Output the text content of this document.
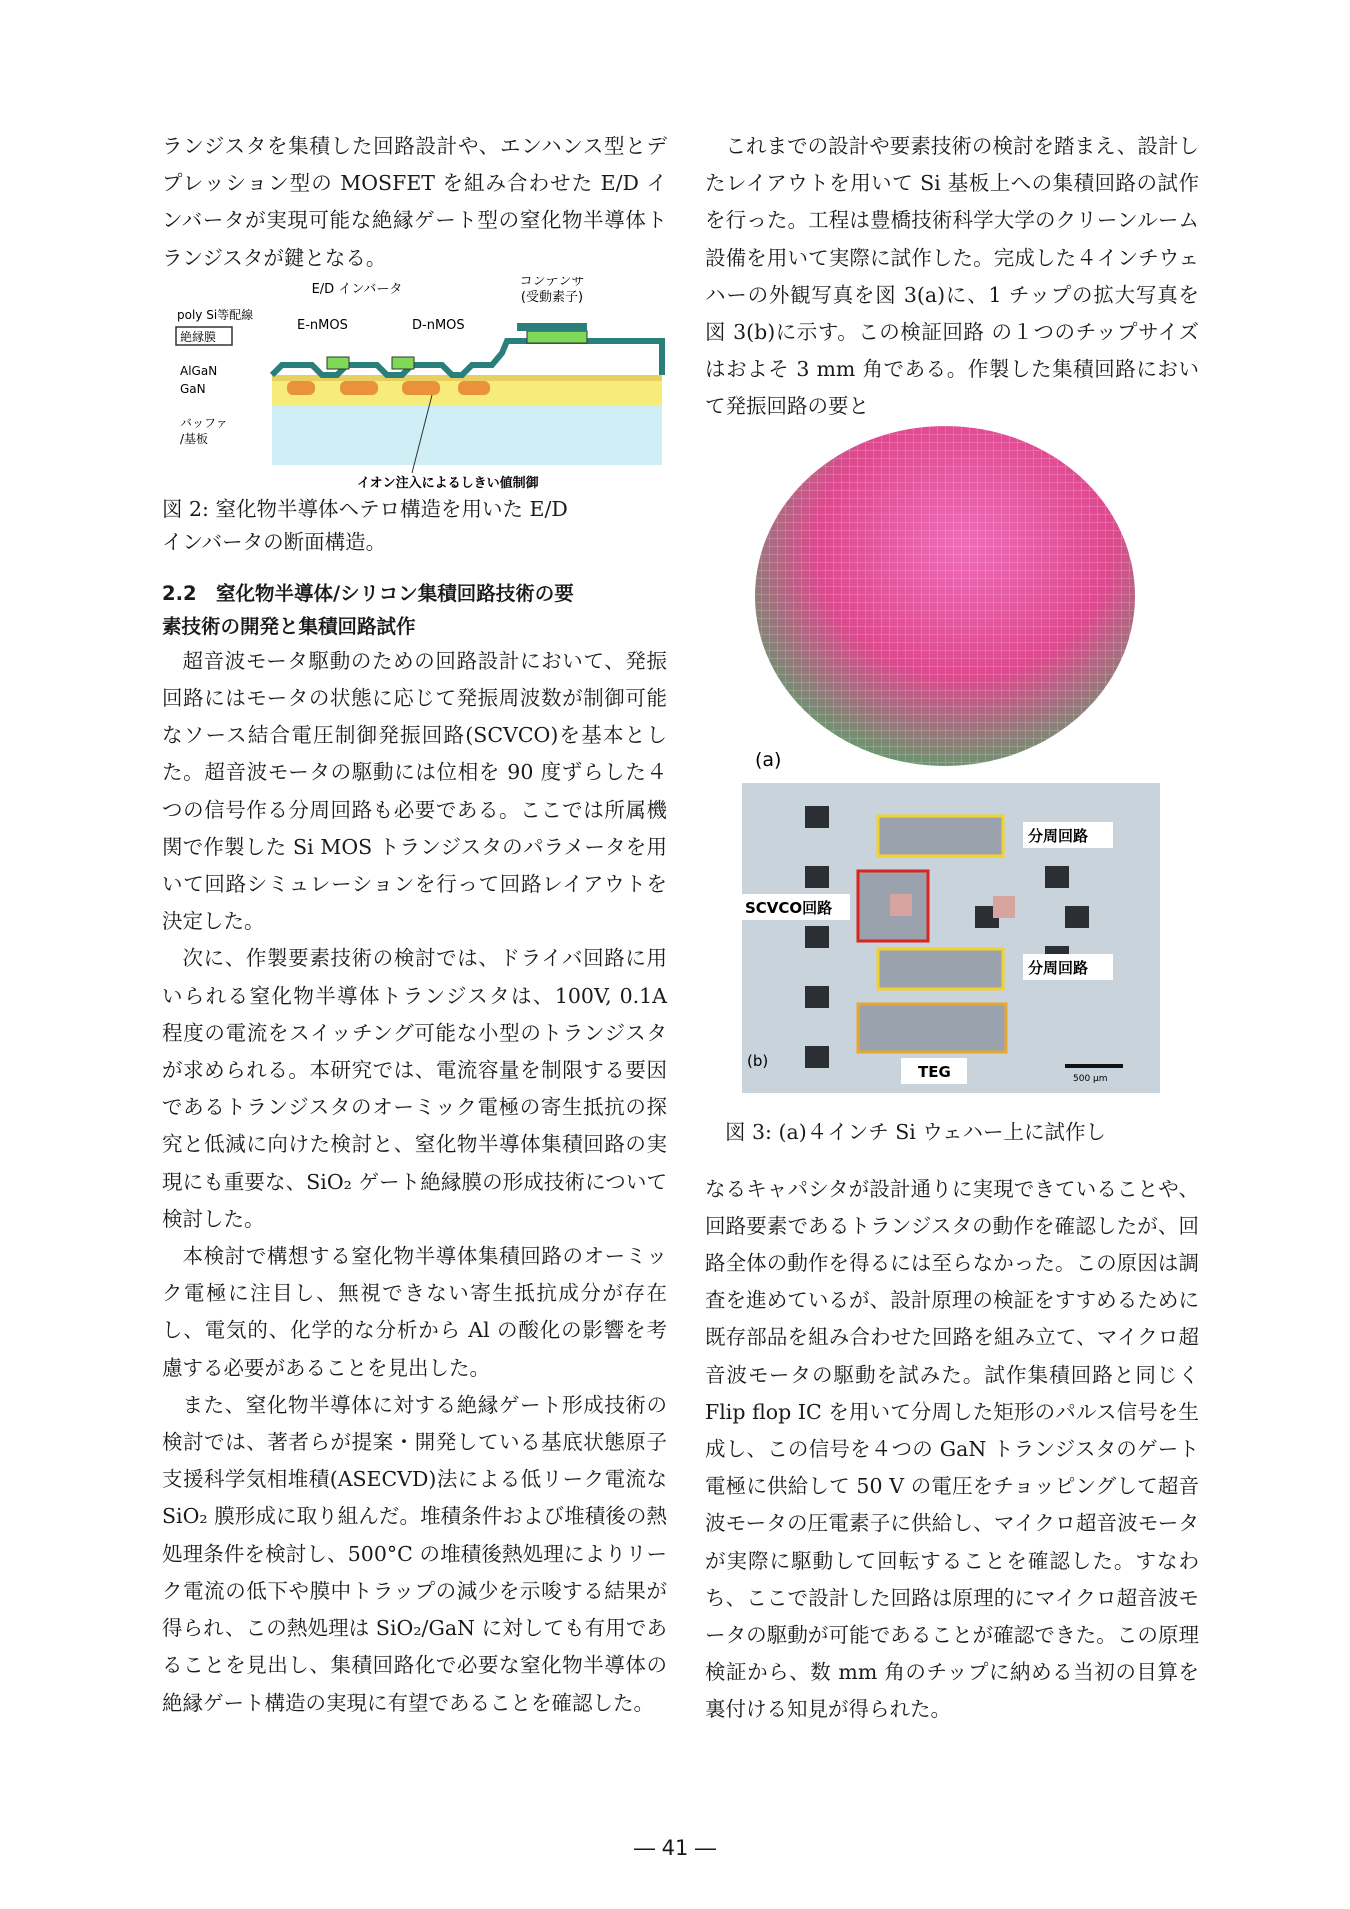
ランジスタを集積した回路設計や、エンハンス型とデプレッション型の MOSFET を組み合わせた E/D インバータが実現可能な絶縁ゲート型の窒化物半導体トランジスタが鍵となる。

E/D インバータ
コンデンサ
(受動素子)
poly Si等配線
絶縁膜
E-nMOS	D-nMOS
AlGaN
GaN
バッファ
/基板
イオン注入によるしきい値制御

図 2: 窒化物半導体ヘテロ構造を用いた E/D

インバータの断面構造。

2.2　窒化物半導体/シリコン集積回路技術の要

素技術の開発と集積回路試作

超音波モータ駆動のための回路設計において、発振回路にはモータの状態に応じて発振周波数が制御可能なソース結合電圧制御発振回路(SCVCO)を基本とした。超音波モータの駆動には位相を 90 度ずらした４つの信号作る分周回路も必要である。ここでは所属機関で作製した Si MOS トランジスタのパラメータを用いて回路シミュレーションを行って回路レイアウトを決定した。

次に、作製要素技術の検討では、ドライバ回路に用いられる窒化物半導体トランジスタは、100V, 0.1A 程度の電流をスイッチング可能な小型のトランジスタが求められる。本研究では、電流容量を制限する要因であるトランジスタのオーミック電極の寄生抵抗の探究と低減に向けた検討と、窒化物半導体集積回路の実現にも重要な、SiO₂ ゲート絶縁膜の形成技術について検討した。

本検討で構想する窒化物半導体集積回路のオーミック電極に注目し、無視できない寄生抵抗成分が存在し、電気的、化学的な分析から Al の酸化の影響を考慮する必要があることを見出した。

また、窒化物半導体に対する絶縁ゲート形成技術の検討では、著者らが提案・開発している基底状態原子支援科学気相堆積(ASECVD)法による低リーク電流な SiO₂ 膜形成に取り組んだ。堆積条件および堆積後の熱処理条件を検討し、500°C の堆積後熱処理によりリーク電流の低下や膜中トラップの減少を示唆する結果が得られ、この熱処理は SiO₂/GaN に対しても有用であることを見出し、集積回路化で必要な窒化物半導体の絶縁ゲート構造の実現に有望であることを確認した。

これまでの設計や要素技術の検討を踏まえ、設計したレイアウトを用いて Si 基板上への集積回路の試作を行った。工程は豊橋技術科学大学のクリーンルーム 設備を用いて実際に試作した。完成した４インチウェハーの外観写真を図 3(a)に、1 チップの拡大写真を図 3(b)に示す。この検証回路 の１つのチップサイズはおよそ 3 mm 角である。作製した集積回路において発振回路の要と

(a)
分周回路
分周回路
SCVCO回路
TEG
(b)
500 μm

図 3: (a)４インチ Si ウェハー上に試作し

なるキャパシタが設計通りに実現できていることや、回路要素であるトランジスタの動作を確認したが、回路全体の動作を得るには至らなかった。この原因は調査を進めているが、設計原理の検証をすすめるために既存部品を組み合わせた回路を組み立て、マイクロ超音波モータの駆動を試みた。試作集積回路と同じく Flip flop IC を用いて分周した矩形のパルス信号を生成し、この信号を４つの GaN トランジスタのゲート電極に供給して 50 V の電圧をチョッピングして超音波モータの圧電素子に供給し、マイクロ超音波モータが実際に駆動して回転することを確認した。すなわち、ここで設計した回路は原理的にマイクロ超音波モータの駆動が可能であることが確認できた。この原理検証から、数 mm 角のチップに納める当初の目算を裏付ける知見が得られた。

― 41 ―
